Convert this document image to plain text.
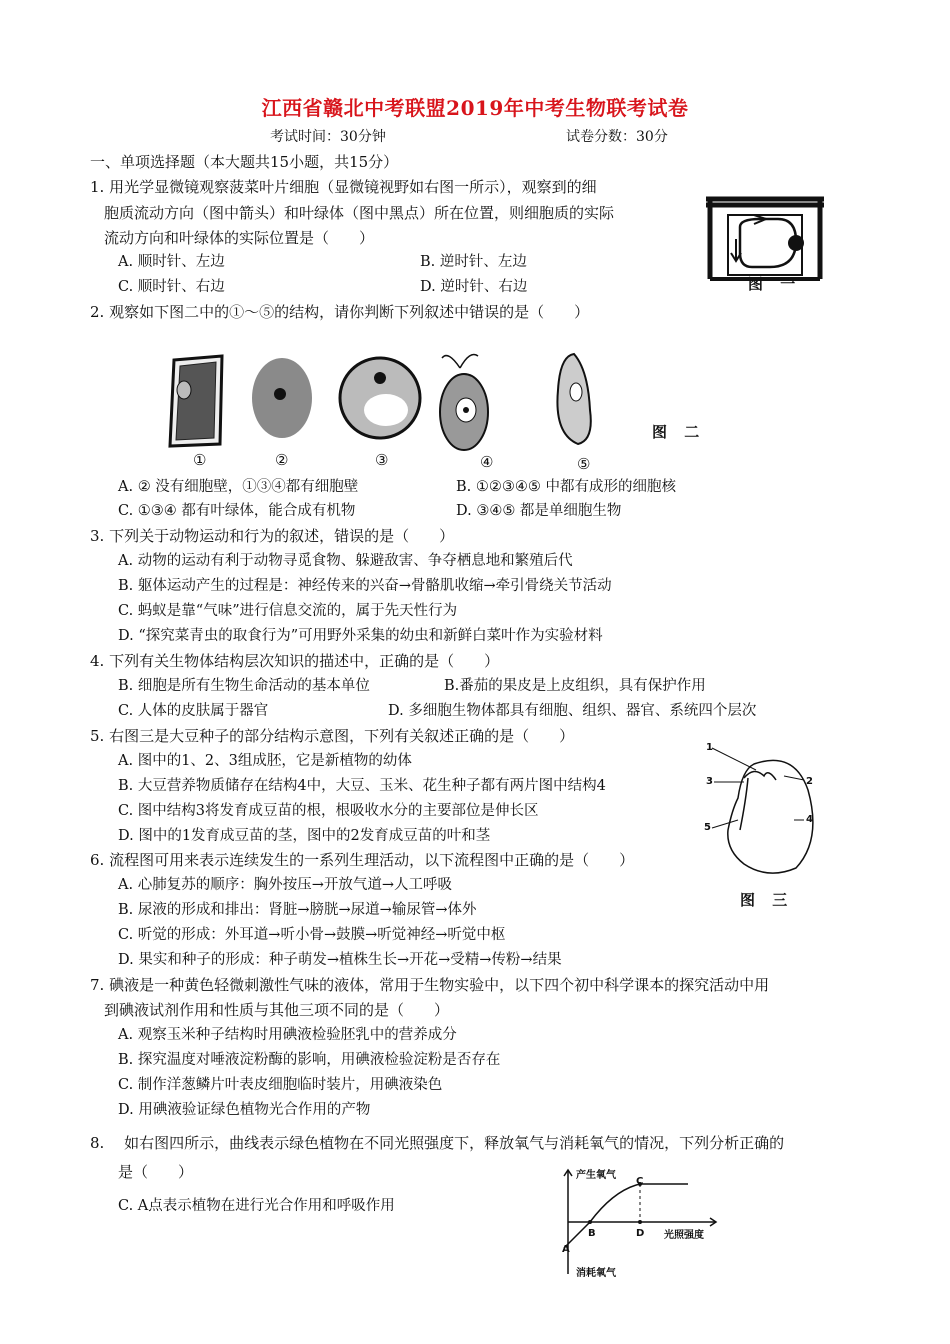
江西省赣北中考联盟2019年中考生物联考试卷
考试时间：30分钟	试卷分数：30分
一、单项选择题（本大题共15小题，共15分）
1. 用光学显微镜观察菠菜叶片细胞（显微镜视野如右图一所示），观察到的细
胞质流动方向（图中箭头）和叶绿体（图中黑点）所在位置，则细胞质的实际
流动方向和叶绿体的实际位置是（　　）
A. 顺时针、左边	B. 逆时针、左边
C. 顺时针、右边	D. 逆时针、右边	图 一
2. 观察如下图二中的①～⑤的结构，请你判断下列叙述中错误的是（　　）
①	②	③	④	⑤
图 二
A. ② 没有细胞壁，①③④都有细胞壁	B. ①②③④⑤ 中都有成形的细胞核
C. ①③④ 都有叶绿体，能合成有机物	D. ③④⑤ 都是单细胞生物
3. 下列关于动物运动和行为的叙述，错误的是（　　）
A. 动物的运动有利于动物寻觅食物、躲避敌害、争夺栖息地和繁殖后代
B. 躯体运动产生的过程是：神经传来的兴奋→骨骼肌收缩→牵引骨绕关节活动
C. 蚂蚁是靠“气味”进行信息交流的，属于先天性行为
D. “探究菜青虫的取食行为”可用野外采集的幼虫和新鲜白菜叶作为实验材料
4. 下列有关生物体结构层次知识的描述中，正确的是（　　）
B. 细胞是所有生物生命活动的基本单位	B.番茄的果皮是上皮组织，具有保护作用
C. 人体的皮肤属于器官	D. 多细胞生物体都具有细胞、组织、器官、系统四个层次
5. 右图三是大豆种子的部分结构示意图，下列有关叙述正确的是（　　）
A. 图中的1、2、3组成胚，它是新植物的幼体
B. 大豆营养物质储存在结构4中，大豆、玉米、花生种子都有两片图中结构4
C. 图中结构3将发育成豆苗的根，根吸收水分的主要部位是伸长区
D. 图中的1发育成豆苗的茎，图中的2发育成豆苗的叶和茎
1
2
3
4
5
图 三
6. 流程图可用来表示连续发生的一系列生理活动，以下流程图中正确的是（　　）
A. 心肺复苏的顺序：胸外按压→开放气道→人工呼吸
B. 尿液的形成和排出：肾脏→膀胱→尿道→输尿管→体外
C. 听觉的形成：外耳道→听小骨→鼓膜→听觉神经→听觉中枢
D. 果实和种子的形成：种子萌发→植株生长→开花→受精→传粉→结果
7. 碘液是一种黄色轻微刺激性气味的液体，常用于生物实验中，以下四个初中科学课本的探究活动中用
到碘液试剂作用和性质与其他三项不同的是（　　）
A. 观察玉米种子结构时用碘液检验胚乳中的营养成分
B. 探究温度对唾液淀粉酶的影响，用碘液检验淀粉是否存在
C. 制作洋葱鳞片叶表皮细胞临时装片，用碘液染色
D. 用碘液验证绿色植物光合作用的产物
8. 　如右图四所示，曲线表示绿色植物在不同光照强度下，释放氧气与消耗氧气的情况，下列分析正确的
是（　　）
C. A点表示植物在进行光合作用和呼吸作用
产生氧气
消耗氧气
光照强度
A
B
C
D
